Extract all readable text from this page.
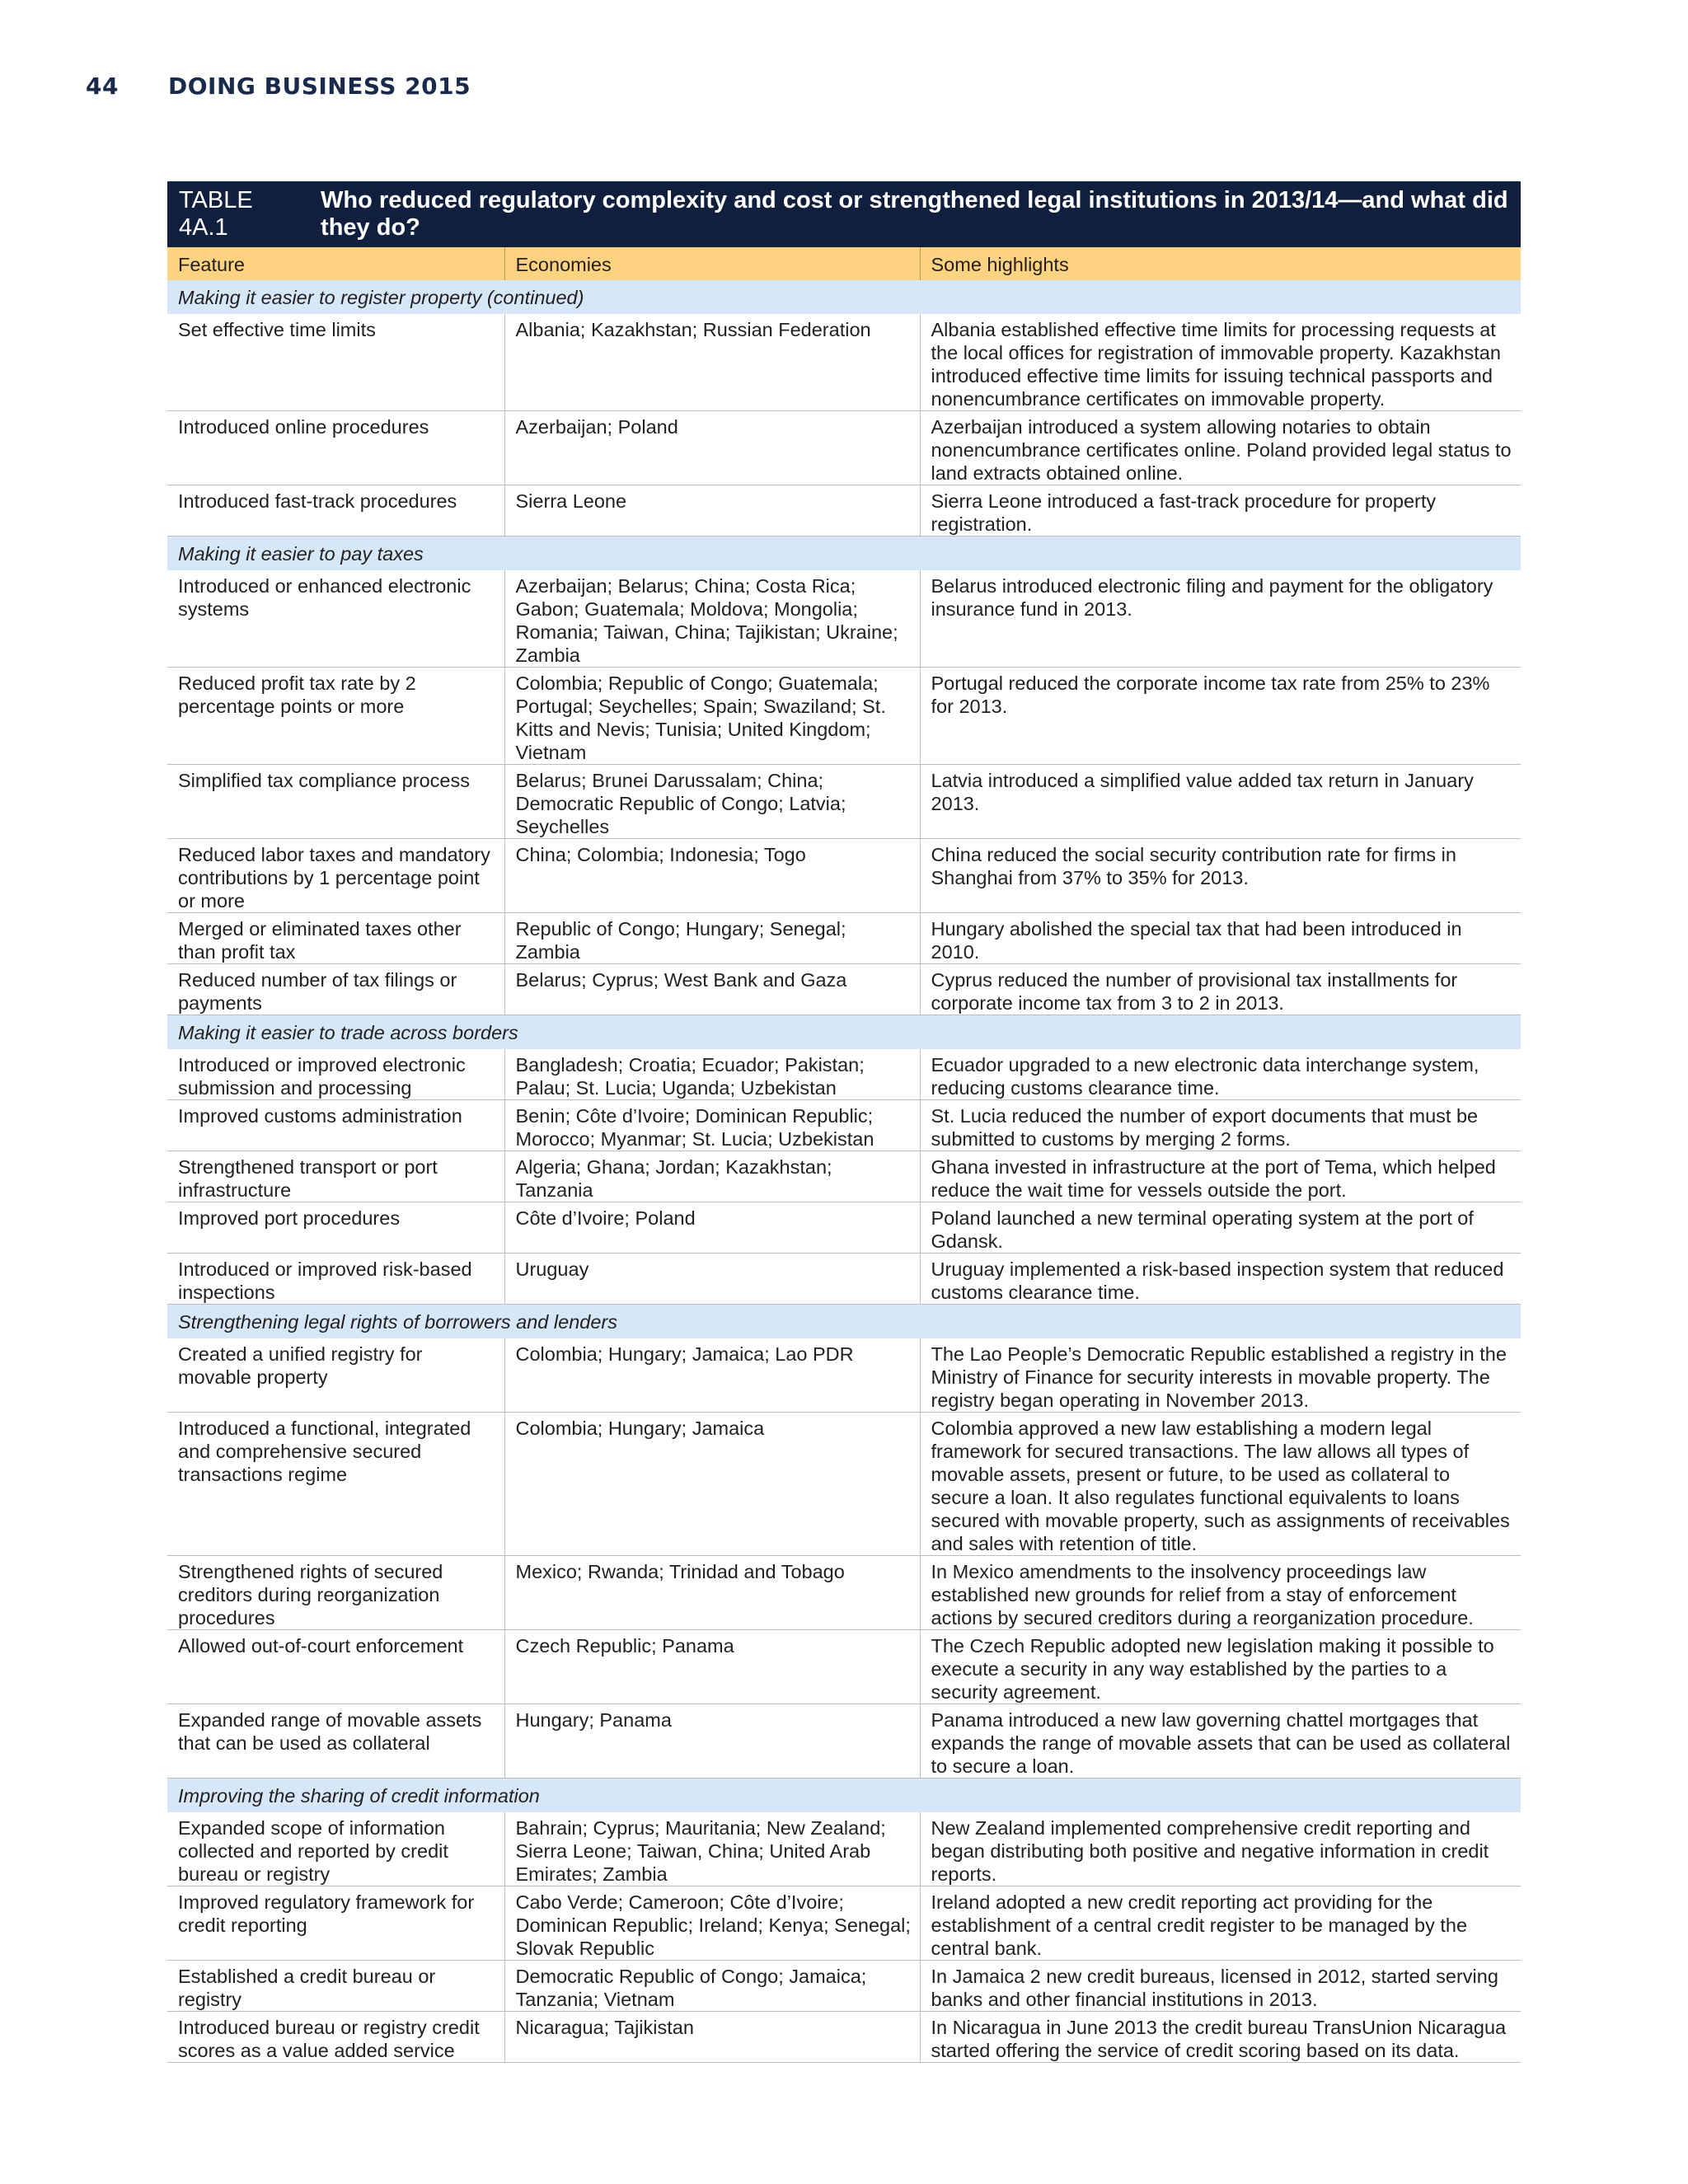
44 DOING BUSINESS 2015
TABLE 4A.1
Who reduced regulatory complexity and cost or strengthened legal institutions in 2013/14—and what did they do?
Feature	Economies	Some highlights
Making it easier to register property (continued)		
Set effective time limits	Albania; Kazakhstan; Russian Federation	Albania established effective time limits for processing requests at the local offices for registration of immovable property. Kazakhstan introduced effective time limits for issuing technical passports and nonencumbrance certificates on immovable property.
Introduced online procedures	Azerbaijan; Poland	Azerbaijan introduced a system allowing notaries to obtain nonencumbrance certificates online. Poland provided legal status to land extracts obtained online.
Introduced fast-track procedures	Sierra Leone	Sierra Leone introduced a fast-track procedure for property registration.
Making it easier to pay taxes		
Introduced or enhanced electronic systems	Azerbaijan; Belarus; China; Costa Rica; Gabon; Guatemala; Moldova; Mongolia; Romania; Taiwan, China; Tajikistan; Ukraine; Zambia	Belarus introduced electronic filing and payment for the obligatory insurance fund in 2013.
Reduced profit tax rate by 2 percentage points or more	Colombia; Republic of Congo; Guatemala; Portugal; Seychelles; Spain; Swaziland; St. Kitts and Nevis; Tunisia; United Kingdom; Vietnam	Portugal reduced the corporate income tax rate from 25% to 23% for 2013.
Simplified tax compliance process	Belarus; Brunei Darussalam; China; Democratic Republic of Congo; Latvia; Seychelles	Latvia introduced a simplified value added tax return in January 2013.
Reduced labor taxes and mandatory contributions by 1 percentage point or more	China; Colombia; Indonesia; Togo	China reduced the social security contribution rate for firms in Shanghai from 37% to 35% for 2013.
Merged or eliminated taxes other than profit tax	Republic of Congo; Hungary; Senegal; Zambia	Hungary abolished the special tax that had been introduced in 2010.
Reduced number of tax filings or payments	Belarus; Cyprus; West Bank and Gaza	Cyprus reduced the number of provisional tax installments for corporate income tax from 3 to 2 in 2013.
Making it easier to trade across borders		
Introduced or improved electronic submission and processing	Bangladesh; Croatia; Ecuador; Pakistan; Palau; St. Lucia; Uganda; Uzbekistan	Ecuador upgraded to a new electronic data interchange system, reducing customs clearance time.
Improved customs administration	Benin; Côte d’Ivoire; Dominican Republic; Morocco; Myanmar; St. Lucia; Uzbekistan	St. Lucia reduced the number of export documents that must be submitted to customs by merging 2 forms.
Strengthened transport or port infrastructure	Algeria; Ghana; Jordan; Kazakhstan; Tanzania	Ghana invested in infrastructure at the port of Tema, which helped reduce the wait time for vessels outside the port.
Improved port procedures	Côte d’Ivoire; Poland	Poland launched a new terminal operating system at the port of Gdansk.
Introduced or improved risk-based inspections	Uruguay	Uruguay implemented a risk-based inspection system that reduced customs clearance time.
Strengthening legal rights of borrowers and lenders		
Created a unified registry for movable property	Colombia; Hungary; Jamaica; Lao PDR	The Lao People’s Democratic Republic established a registry in the Ministry of Finance for security interests in movable property. The registry began operating in November 2013.
Introduced a functional, integrated and comprehensive secured transactions regime	Colombia; Hungary; Jamaica	Colombia approved a new law establishing a modern legal framework for secured transactions. The law allows all types of movable assets, present or future, to be used as collateral to secure a loan. It also regulates functional equivalents to loans secured with movable property, such as assignments of receivables and sales with retention of title.
Strengthened rights of secured creditors during reorganization procedures	Mexico; Rwanda; Trinidad and Tobago	In Mexico amendments to the insolvency proceedings law established new grounds for relief from a stay of enforcement actions by secured creditors during a reorganization procedure.
Allowed out-of-court enforcement	Czech Republic; Panama	The Czech Republic adopted new legislation making it possible to execute a security in any way established by the parties to a security agreement.
Expanded range of movable assets that can be used as collateral	Hungary; Panama	Panama introduced a new law governing chattel mortgages that expands the range of movable assets that can be used as collateral to secure a loan.
Improving the sharing of credit information		
Expanded scope of information collected and reported by credit bureau or registry	Bahrain; Cyprus; Mauritania; New Zealand; Sierra Leone; Taiwan, China; United Arab Emirates; Zambia	New Zealand implemented comprehensive credit reporting and began distributing both positive and negative information in credit reports.
Improved regulatory framework for credit reporting	Cabo Verde; Cameroon; Côte d’Ivoire; Dominican Republic; Ireland; Kenya; Senegal; Slovak Republic	Ireland adopted a new credit reporting act providing for the establishment of a central credit register to be managed by the central bank.
Established a credit bureau or registry	Democratic Republic of Congo; Jamaica; Tanzania; Vietnam	In Jamaica 2 new credit bureaus, licensed in 2012, started serving banks and other financial institutions in 2013.
Introduced bureau or registry credit scores as a value added service	Nicaragua; Tajikistan	In Nicaragua in June 2013 the credit bureau TransUnion Nicaragua started offering the service of credit scoring based on its data.
